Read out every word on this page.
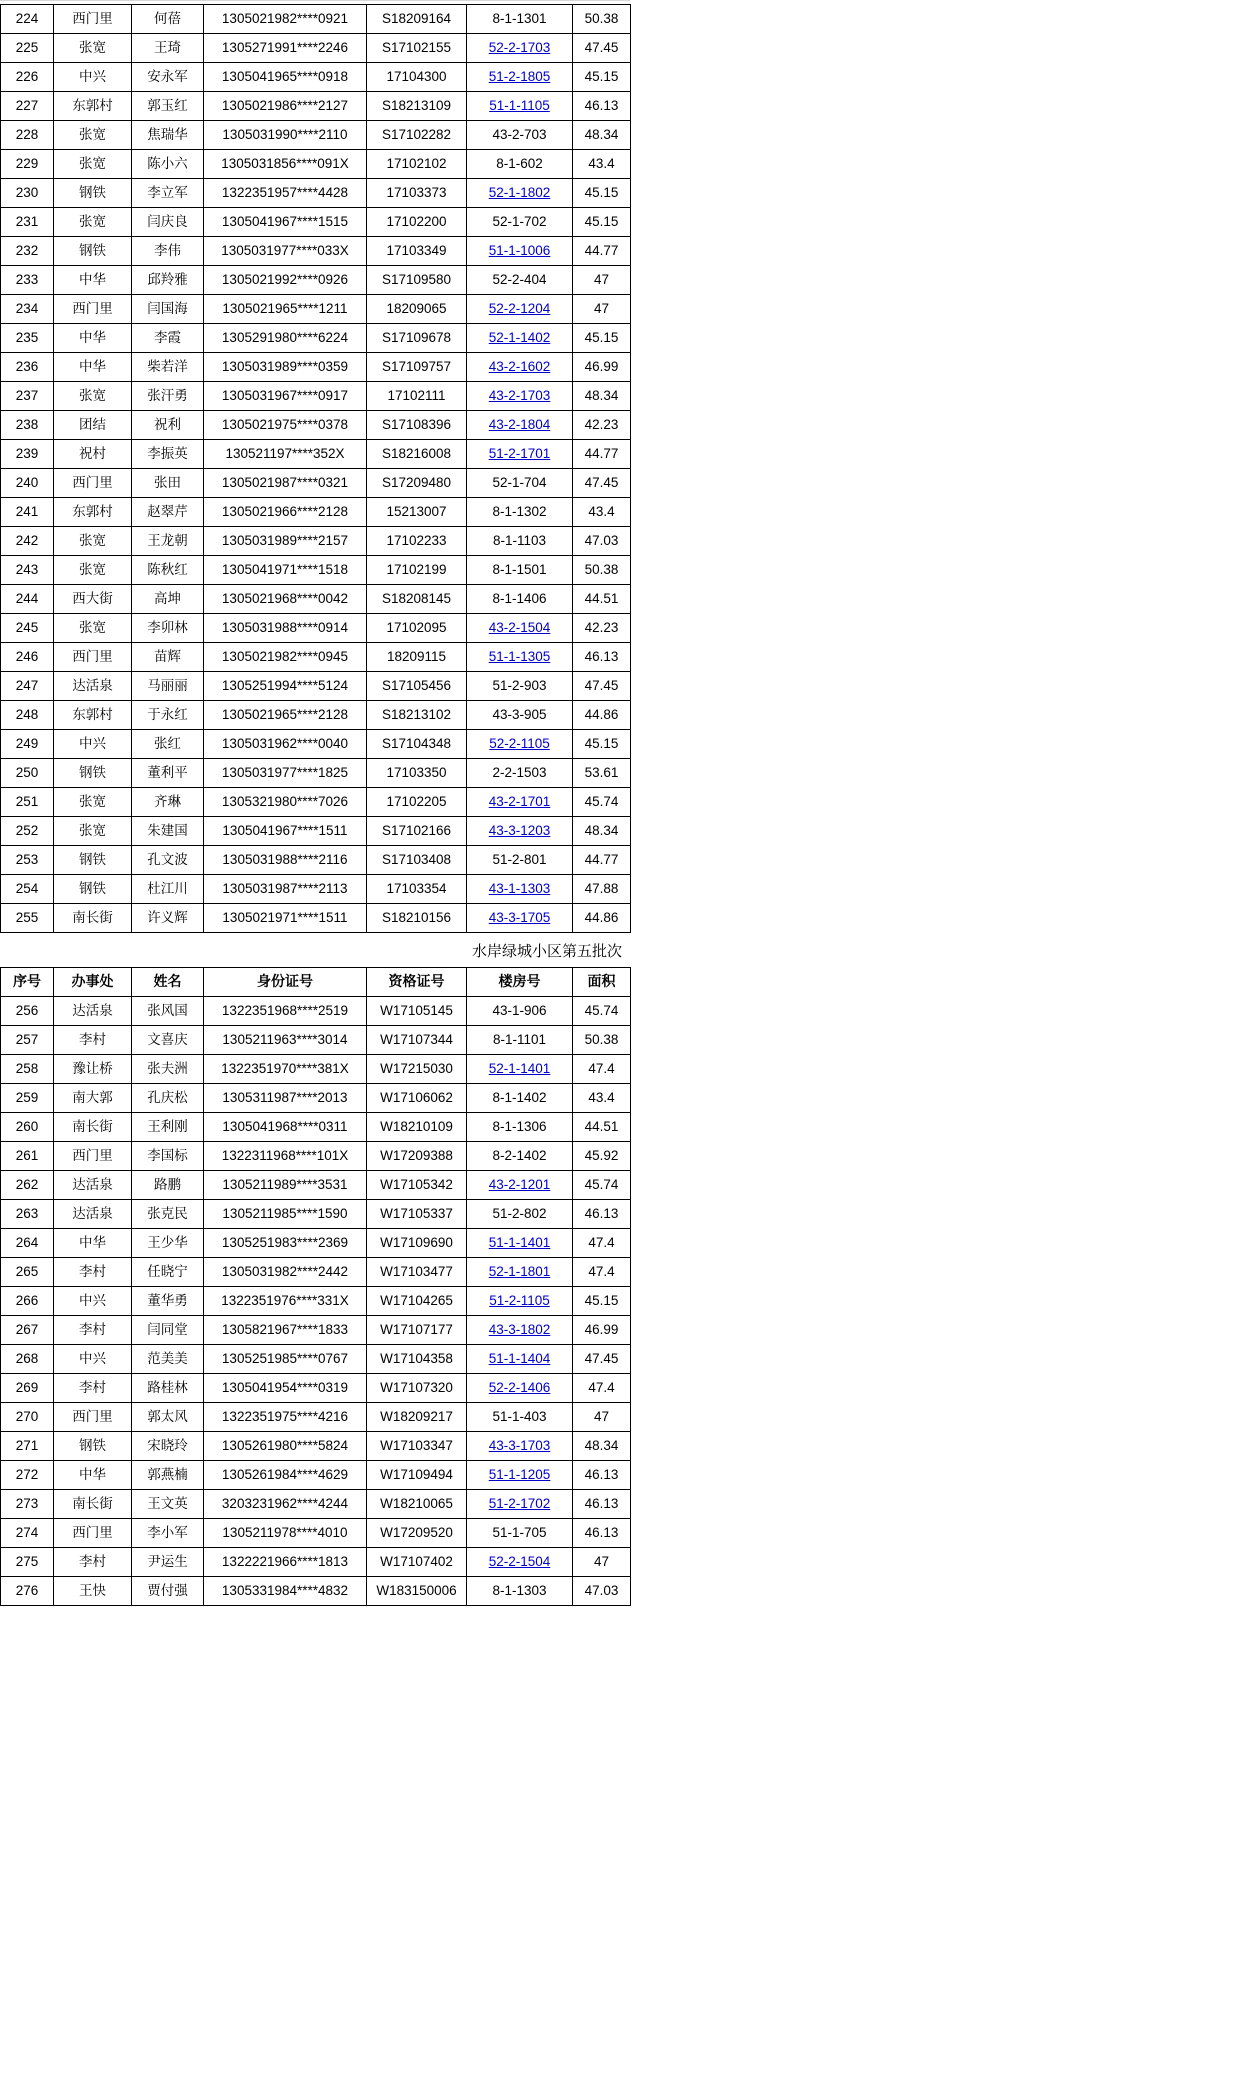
224	西门里	何蓓	1305021982****0921	S18209164	8-1-1301	50.38
225	张宽	王琦	1305271991****2246	S17102155	52-2-1703	47.45
226	中兴	安永军	1305041965****0918	17104300	51-2-1805	45.15
227	东郭村	郭玉红	1305021986****2127	S18213109	51-1-1105	46.13
228	张宽	焦瑞华	1305031990****2110	S17102282	43-2-703	48.34
229	张宽	陈小六	1305031856****091X	17102102	8-1-602	43.4
230	钢铁	李立军	1322351957****4428	17103373	52-1-1802	45.15
231	张宽	闫庆良	1305041967****1515	17102200	52-1-702	45.15
232	钢铁	李伟	1305031977****033X	17103349	51-1-1006	44.77
233	中华	邱羚雅	1305021992****0926	S17109580	52-2-404	47
234	西门里	闫国海	1305021965****1211	18209065	52-2-1204	47
235	中华	李霞	1305291980****6224	S17109678	52-1-1402	45.15
236	中华	柴若洋	1305031989****0359	S17109757	43-2-1602	46.99
237	张宽	张汗勇	1305031967****0917	17102111	43-2-1703	48.34
238	团结	祝利	1305021975****0378	S17108396	43-2-1804	42.23
239	祝村	李振英	130521197****352X	S18216008	51-2-1701	44.77
240	西门里	张田	1305021987****0321	S17209480	52-1-704	47.45
241	东郭村	赵翠芹	1305021966****2128	15213007	8-1-1302	43.4
242	张宽	王龙朝	1305031989****2157	17102233	8-1-1103	47.03
243	张宽	陈秋红	1305041971****1518	17102199	8-1-1501	50.38
244	西大街	高坤	1305021968****0042	S18208145	8-1-1406	44.51
245	张宽	李卯林	1305031988****0914	17102095	43-2-1504	42.23
246	西门里	苗辉	1305021982****0945	18209115	51-1-1305	46.13
247	达活泉	马丽丽	1305251994****5124	S17105456	51-2-903	47.45
248	东郭村	于永红	1305021965****2128	S18213102	43-3-905	44.86
249	中兴	张红	1305031962****0040	S17104348	52-2-1105	45.15
250	钢铁	董利平	1305031977****1825	17103350	2-2-1503	53.61
251	张宽	齐琳	1305321980****7026	17102205	43-2-1701	45.74
252	张宽	朱建国	1305041967****1511	S17102166	43-3-1203	48.34
253	钢铁	孔文波	1305031988****2116	S17103408	51-2-801	44.77
254	钢铁	杜江川	1305031987****2113	17103354	43-1-1303	47.88
255	南长街	许义辉	1305021971****1511	S18210156	43-3-1705	44.86
水岸绿城小区第五批次
序号	办事处	姓名	身份证号	资格证号	楼房号	面积
256	达活泉	张风国	1322351968****2519	W17105145	43-1-906	45.74
257	李村	文喜庆	1305211963****3014	W17107344	8-1-1101	50.38
258	豫让桥	张夫洲	1322351970****381X	W17215030	52-1-1401	47.4
259	南大郭	孔庆松	1305311987****2013	W17106062	8-1-1402	43.4
260	南长街	王利刚	1305041968****0311	W18210109	8-1-1306	44.51
261	西门里	李国标	1322311968****101X	W17209388	8-2-1402	45.92
262	达活泉	路鹏	1305211989****3531	W17105342	43-2-1201	45.74
263	达活泉	张克民	1305211985****1590	W17105337	51-2-802	46.13
264	中华	王少华	1305251983****2369	W17109690	51-1-1401	47.4
265	李村	任晓宁	1305031982****2442	W17103477	52-1-1801	47.4
266	中兴	董华勇	1322351976****331X	W17104265	51-2-1105	45.15
267	李村	闫同堂	1305821967****1833	W17107177	43-3-1802	46.99
268	中兴	范美美	1305251985****0767	W17104358	51-1-1404	47.45
269	李村	路桂林	1305041954****0319	W17107320	52-2-1406	47.4
270	西门里	郭太风	1322351975****4216	W18209217	51-1-403	47
271	钢铁	宋晓玲	1305261980****5824	W17103347	43-3-1703	48.34
272	中华	郭燕楠	1305261984****4629	W17109494	51-1-1205	46.13
273	南长街	王文英	3203231962****4244	W18210065	51-2-1702	46.13
274	西门里	李小军	1305211978****4010	W17209520	51-1-705	46.13
275	李村	尹运生	1322221966****1813	W17107402	52-2-1504	47
276	王快	贾付强	1305331984****4832	W183150006	8-1-1303	47.03
